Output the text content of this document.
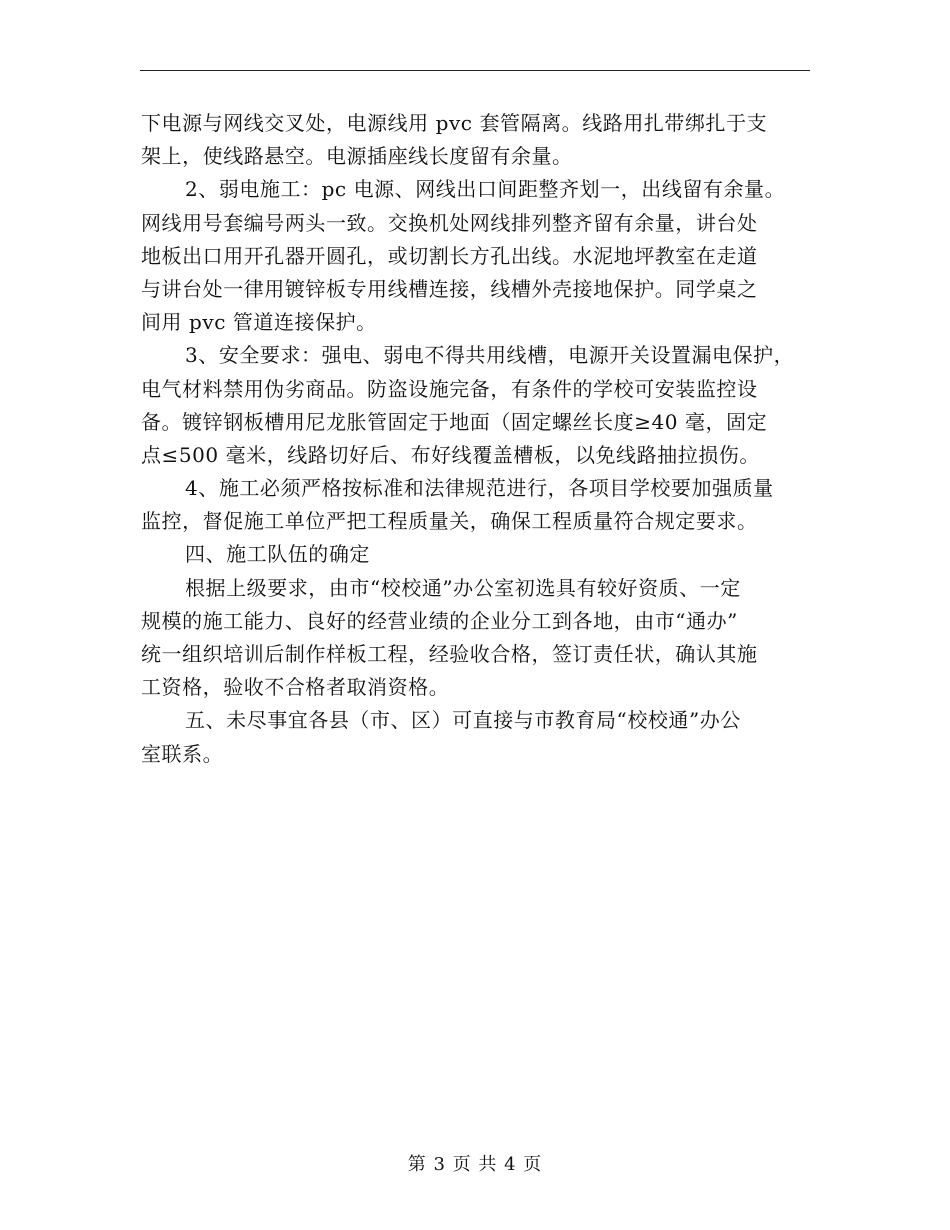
下电源与网线交叉处，电源线用 pvc 套管隔离。线路用扎带绑扎于支
架上，使线路悬空。电源插座线长度留有余量。
2、弱电施工：pc 电源、网线出口间距整齐划一，出线留有余量。
网线用号套编号两头一致。交换机处网线排列整齐留有余量，讲台处
地板出口用开孔器开圆孔，或切割长方孔出线。水泥地坪教室在走道
与讲台处一律用镀锌板专用线槽连接，线槽外壳接地保护。同学桌之
间用 pvc 管道连接保护。
3、安全要求：强电、弱电不得共用线槽，电源开关设置漏电保护，
电气材料禁用伪劣商品。防盗设施完备，有条件的学校可安装监控设
备。镀锌钢板槽用尼龙胀管固定于地面（固定螺丝长度≥40 毫，固定
点≤500 毫米，线路切好后、布好线覆盖槽板，以免线路抽拉损伤。
4、施工必须严格按标准和法律规范进行，各项目学校要加强质量
监控，督促施工单位严把工程质量关，确保工程质量符合规定要求。
四、施工队伍的确定
根据上级要求，由市“校校通”办公室初选具有较好资质、一定
规模的施工能力、良好的经营业绩的企业分工到各地，由市“通办”
统一组织培训后制作样板工程，经验收合格，签订责任状，确认其施
工资格，验收不合格者取消资格。
五、未尽事宜各县（市、区）可直接与市教育局“校校通”办公
室联系。
第 3 页 共 4 页
